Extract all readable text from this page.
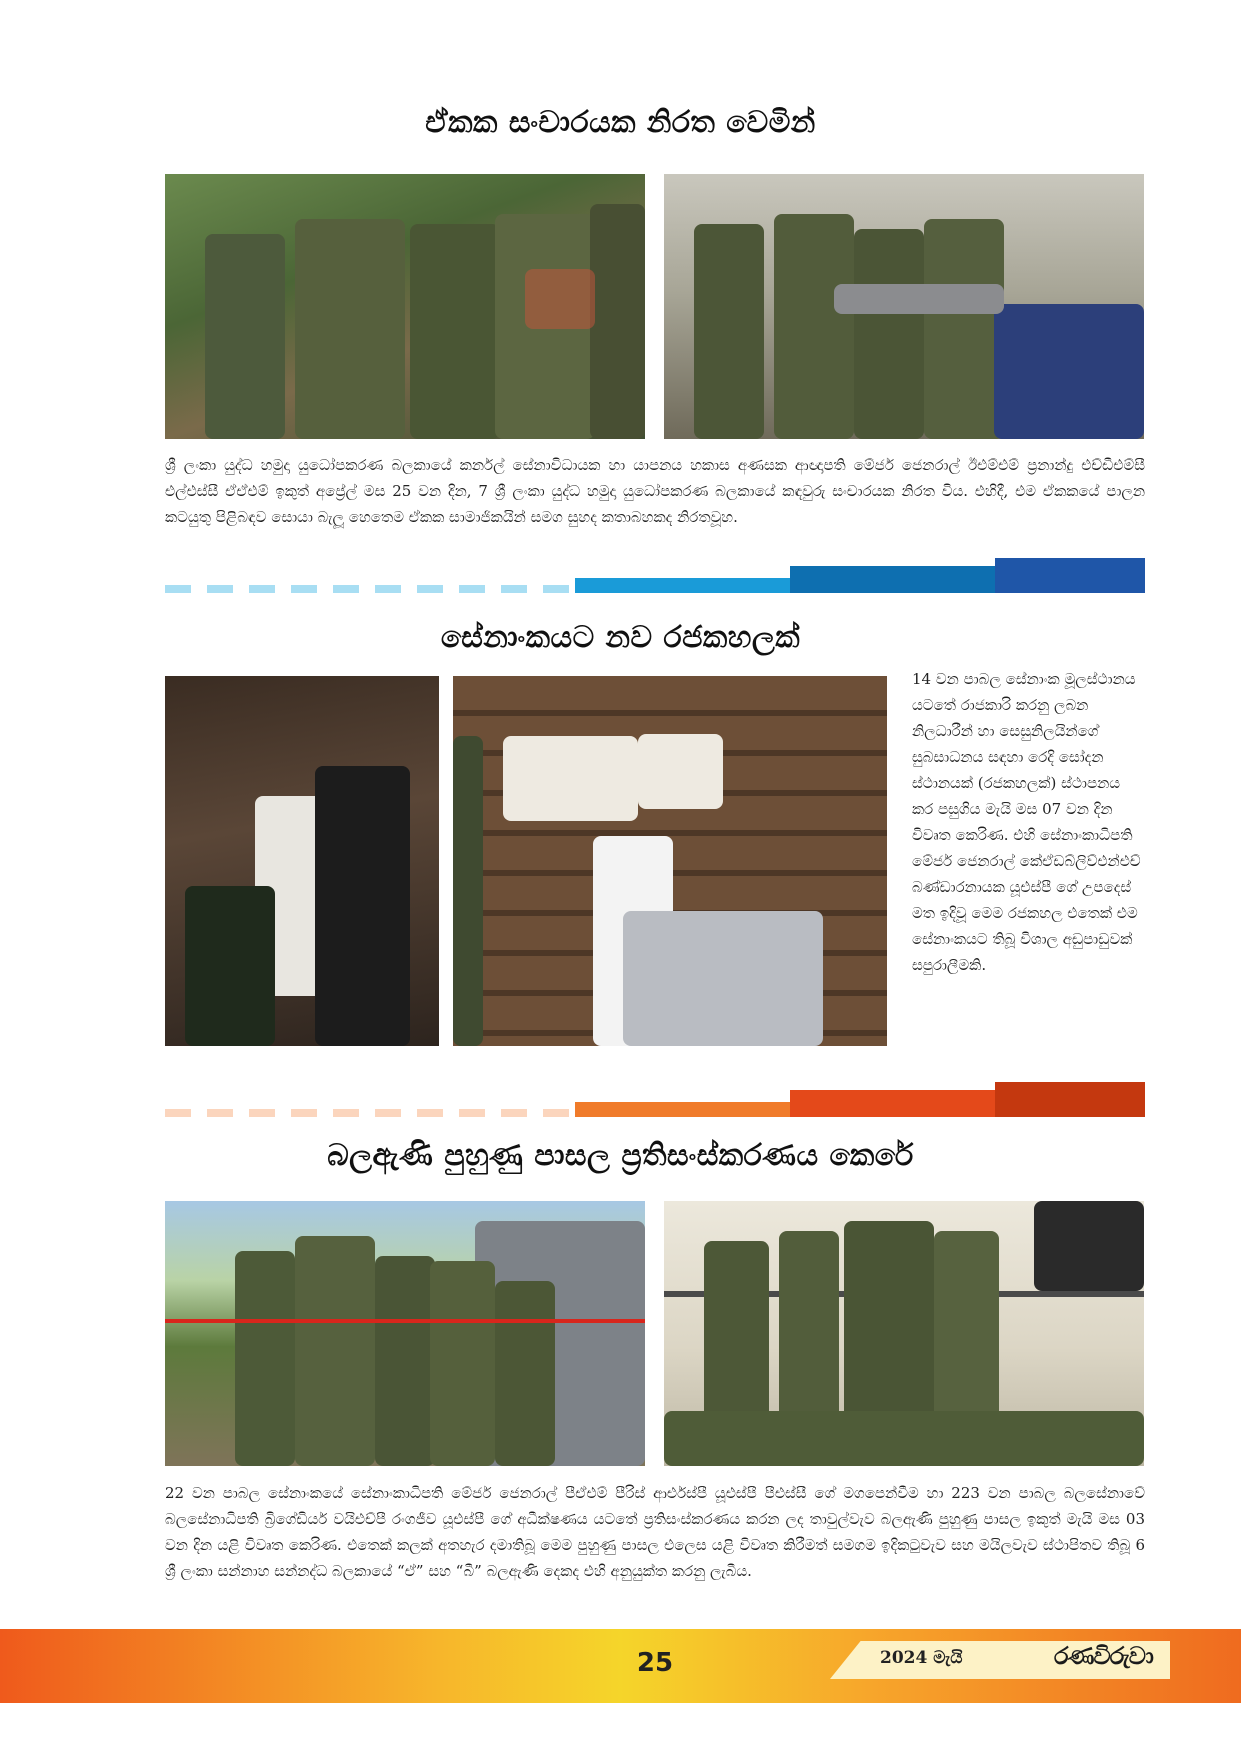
ඒකක සංචාරයක නිරත වෙමින්
ශ්‍රී ලංකා යුද්ධ හමුදා යුධෝපකරණ බලකායේ කර්නල් සේනාවිධායක හා යාපනය හකාස අණසක ආඥාපති මේජර් ජෙනරාල් ඊඑම්එම් ප්‍රනාන්දු එච්ඩීඑම්සී එල්එස්සී ඒඒඑම් ඉකුත් අප්‍රේල් මස 25 වන දින, 7 ශ්‍රී ලංකා යුද්ධ හමුදා යුධෝපකරණ බලකායේ කඳවුරු සංචාරයක නිරත විය. එහිදී, එම ඒකකයේ පාලන කටයුතු පිළිබඳව සොයා බැලූ හෙතෙම ඒකක සාමාජිකයින් සමග සුහද කතාබහකද නිරතවූහ.
සේනාංකයට නව රජකහලක්
14 වන පාබල සේනාංක මූලස්ථානය යටතේ රාජකාරි කරනු ලබන නිලධාරීන් හා සෙසුනිලයින්ගේ සුබසාධනය සඳහා රෙදි සෝදන ස්ථානයක් (රජකහලක්) ස්ථාපනය කර පසුගිය මැයි මස 07 වන දින විවෘත කෙරිණ. එහි සේනාංකාධිපති මේජර් ජෙනරාල් කේඒඩබ්ලිව්එන්එච් බණ්ඩාරනායක යූඑස්පී ගේ උපදෙස් මත ඉදිවූ මෙම රජකහල එතෙක් එම සේනාංකයට තිබූ විශාල අඩුපාඩුවක් සපුරාලීමකි.
බලඇණි පුහුණු පාසල ප්‍රතිසංස්කරණය කෙරේ
22 වන පාබල සේනාංකයේ සේනාංකාධිපති මේජර් ජෙනරාල් පීඒඑම් පීරිස් ආර්එස්පී යූඑස්පී පීඑස්සී ගේ මගපෙන්වීම හා 223 වන පාබල බලසේනාවේ බලසේනාධිපති බ්‍රිගේඩියර් වයිඑච්පී රංගජීව යූඑස්පී ගේ අධීක්ෂණය යටතේ ප්‍රතිසංස්කරණය කරන ලද තාවුල්වැව බලඇණි පුහුණු පාසල ඉකුත් මැයි මස 03 වන දින යළි විවෘත කෙරිණ. එතෙක් කලක් අතහැර දමාතිබූ මෙම පුහුණු පාසල එලෙස යළි විවෘත කිරීමත් සමගම ඉදිකටුවැව සහ මයිලවැව ස්ථාපිතව තිබූ 6 ශ්‍රී ලංකා සන්නාහ සන්නද්ධ බලකායේ “ඒ” සහ “බී” බලඇණි දෙකද එහි අනුයුක්ත කරනු ලැබීය.
25	2024 මැයි	රණවිරුවා
